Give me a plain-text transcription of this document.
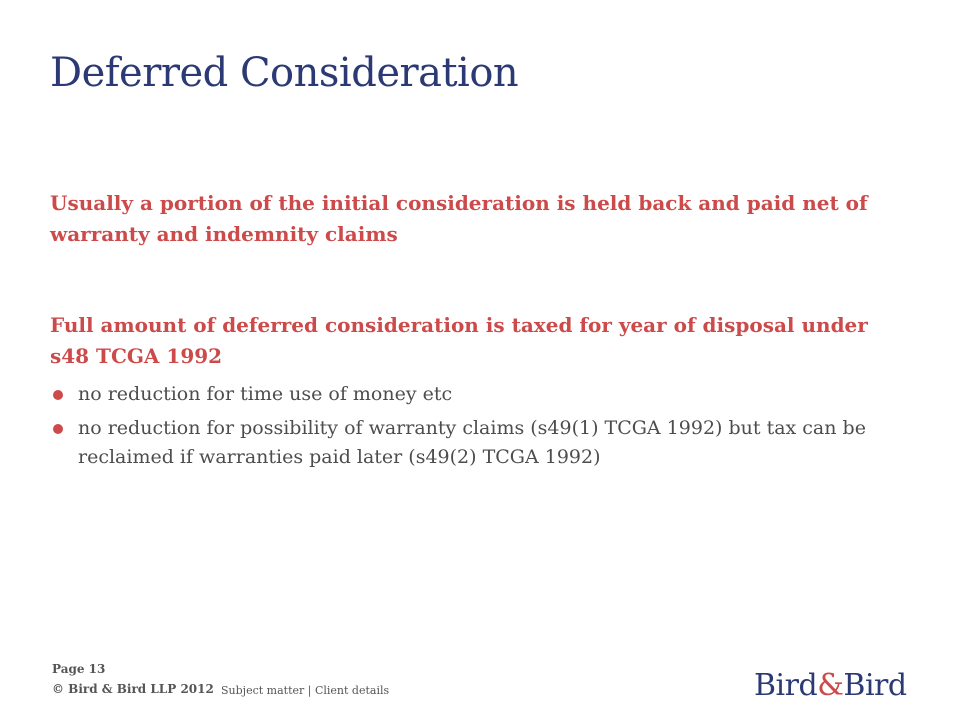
Deferred Consideration
Usually a portion of the initial consideration is held back and paid net of warranty and indemnity claims
Full amount of deferred consideration is taxed for year of disposal under s48 TCGA 1992
no reduction for time use of money etc
no reduction for possibility of warranty claims (s49(1) TCGA 1992) but tax can be reclaimed if warranties paid later (s49(2) TCGA 1992)
Page 13
© Bird & Bird LLP 2012 Subject matter | Client details	Bird&Bird
